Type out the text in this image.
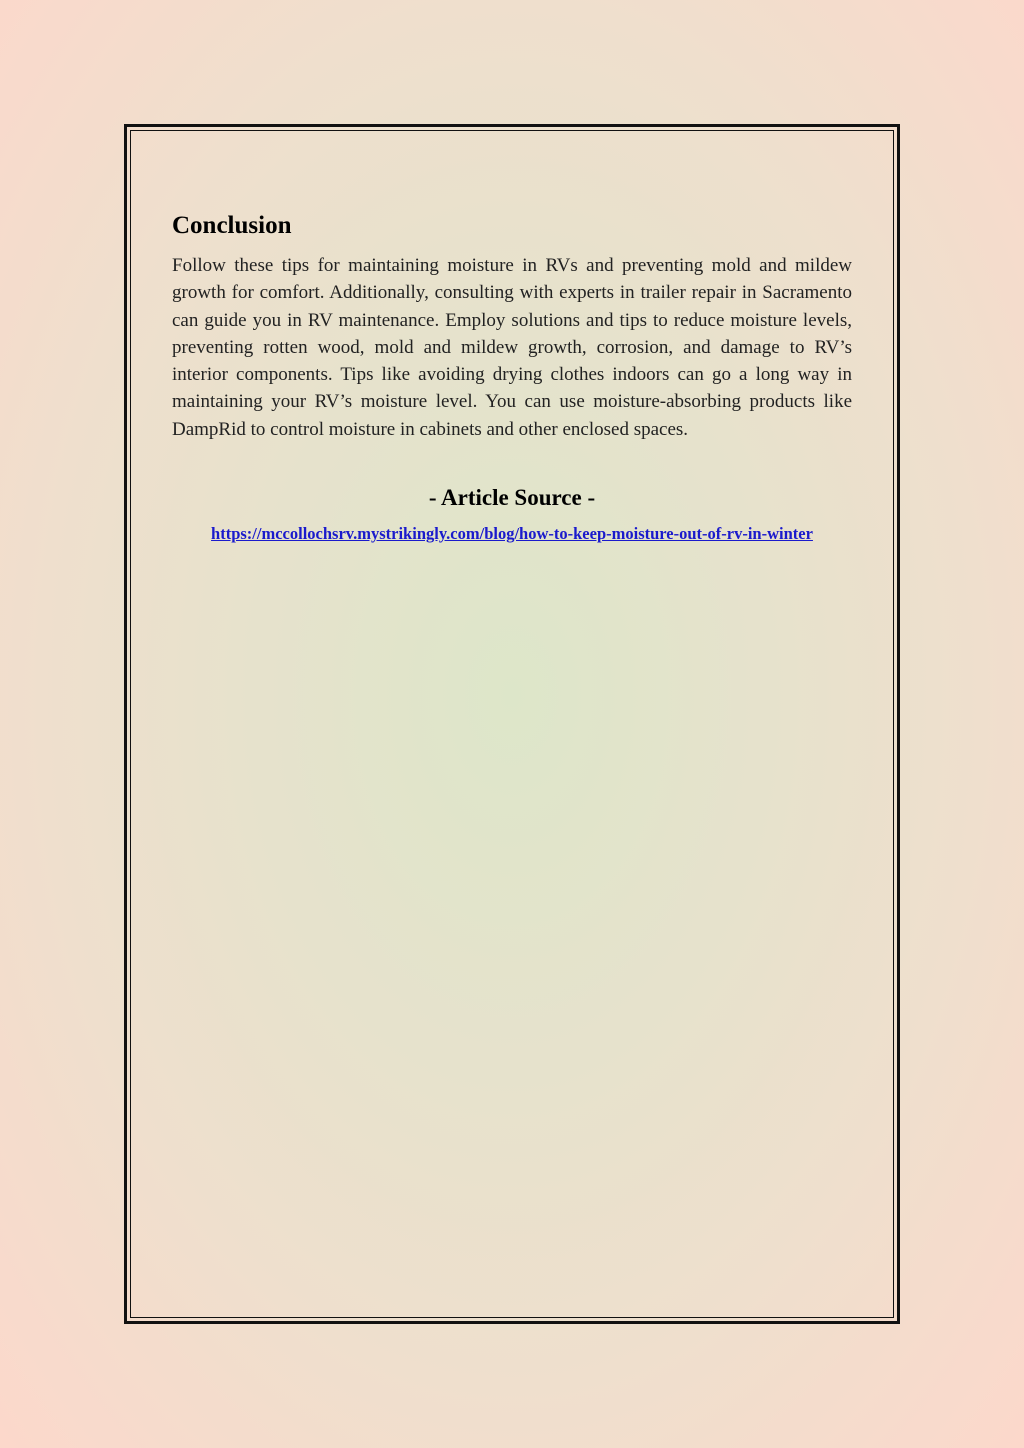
Conclusion

Follow these tips for maintaining moisture in RVs and preventing mold and mildew growth for comfort. Additionally, consulting with experts in trailer repair in Sacramento can guide you in RV maintenance. Employ solutions and tips to reduce moisture levels, preventing rotten wood, mold and mildew growth, corrosion, and damage to RV’s interior components. Tips like avoiding drying clothes indoors can go a long way in maintaining your RV’s moisture level. You can use moisture-absorbing products like DampRid to control moisture in cabinets and other enclosed spaces.

- Article Source -
https://mccollochsrv.mystrikingly.com/blog/how-to-keep-moisture-out-of-rv-in-winter
